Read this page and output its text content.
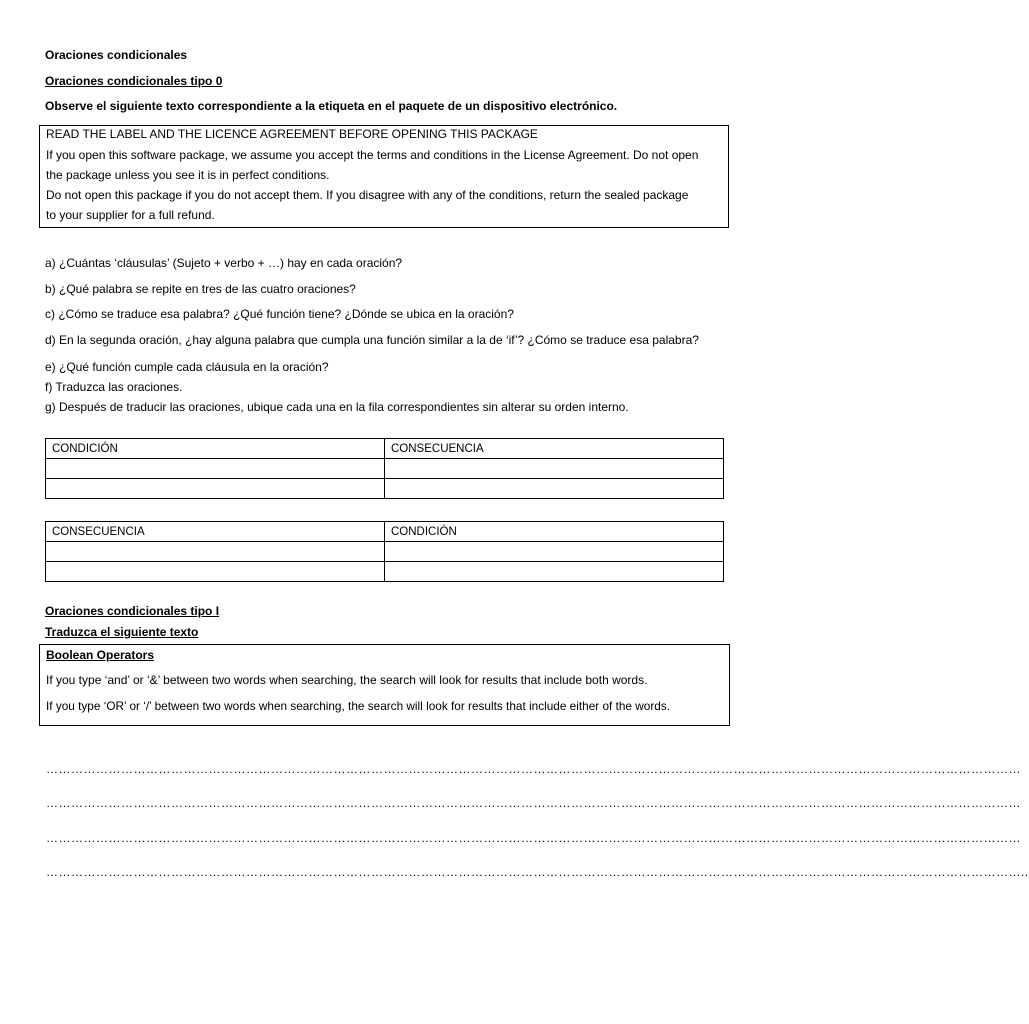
Oraciones condicionales
Oraciones condicionales tipo 0
Observe el siguiente texto correspondiente a la etiqueta en el paquete de un dispositivo electrónico.
READ THE LABEL AND THE LICENCE AGREEMENT BEFORE OPENING THIS PACKAGE
If you open this software package, we assume you accept the terms and conditions in the License Agreement. Do not open
the package unless you see it is in perfect conditions.
Do not open this package if you do not accept them. If you disagree with any of the conditions, return the sealed package
to your supplier for a full refund.
a) ¿Cuántas ‘cláusulas’ (Sujeto + verbo + …) hay en cada oración?
b) ¿Qué palabra se repite en tres de las cuatro oraciones?
c) ¿Cómo se traduce esa palabra? ¿Qué función tiene? ¿Dónde se ubica en la oración?
d) En la segunda oración, ¿hay alguna palabra que cumpla una función similar a la de ‘if’? ¿Cómo se traduce esa palabra?
e) ¿Qué función cumple cada cláusula en la oración?
f) Traduzca las oraciones.
g) Después de traducir las oraciones, ubique cada una en la fila correspondientes sin alterar su orden interno.
CONDICIÓN	CONSECUENCIA

CONSECUENCIA	CONDICIÓN

Oraciones condicionales tipo I
Traduzca el siguiente texto
Boolean Operators
If you type ‘and’ or ‘&’ between two words when searching, the search will look for results that include both words.
If you type ‘OR’ or ‘/’ between two words when searching, the search will look for results that include either of the words.
………………………………………………………………………………………………………………………………………………………………………………………………………………
………………………………………………………………………………………………………………………………………………………………………………………………………………
………………………………………………………………………………………………………………………………………………………………………………………………………………
………………………………………………………………………………………………………………………………………………………………………………………………………………..
